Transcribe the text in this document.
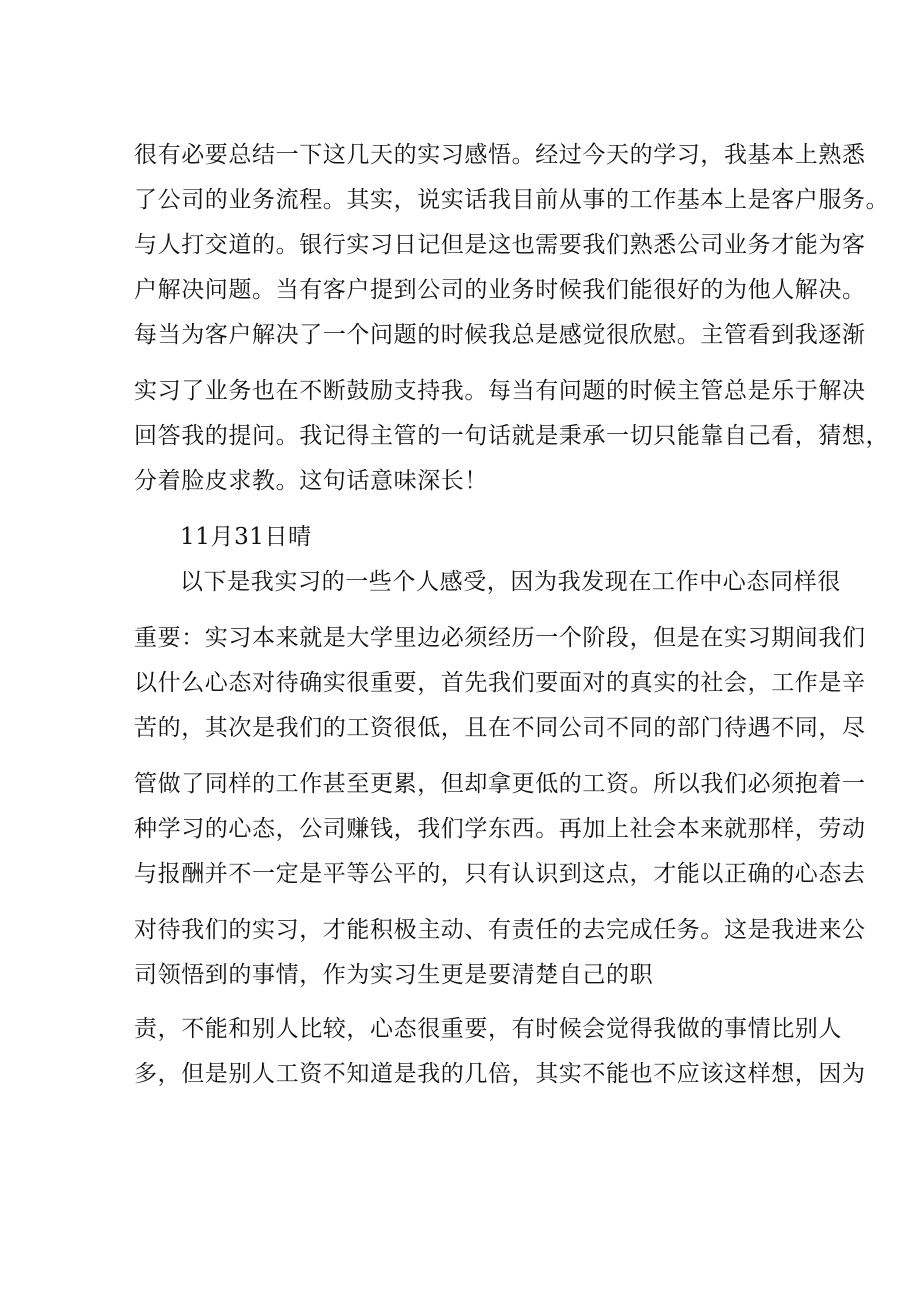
很有必要总结一下这几天的实习感悟。经过今天的学习，我基本上熟悉
了公司的业务流程。其实，说实话我目前从事的工作基本上是客户服务。
与人打交道的。银行实习日记但是这也需要我们熟悉公司业务才能为客
户解决问题。当有客户提到公司的业务时候我们能很好的为他人解决。
每当为客户解决了一个问题的时候我总是感觉很欣慰。主管看到我逐渐
实习了业务也在不断鼓励支持我。每当有问题的时候主管总是乐于解决
回答我的提问。我记得主管的一句话就是秉承一切只能靠自己看，猜想，
分着脸皮求教。这句话意味深长！
11月31日晴
以下是我实习的一些个人感受，因为我发现在工作中心态同样很
重要：实习本来就是大学里边必须经历一个阶段，但是在实习期间我们
以什么心态对待确实很重要，首先我们要面对的真实的社会，工作是辛
苦的，其次是我们的工资很低，且在不同公司不同的部门待遇不同，尽
管做了同样的工作甚至更累，但却拿更低的工资。所以我们必须抱着一
种学习的心态，公司赚钱，我们学东西。再加上社会本来就那样，劳动
与报酬并不一定是平等公平的，只有认识到这点，才能以正确的心态去
对待我们的实习，才能积极主动、有责任的去完成任务。这是我进来公
司领悟到的事情，作为实习生更是要清楚自己的职
责，不能和别人比较，心态很重要，有时候会觉得我做的事情比别人
多，但是别人工资不知道是我的几倍，其实不能也不应该这样想，因为
